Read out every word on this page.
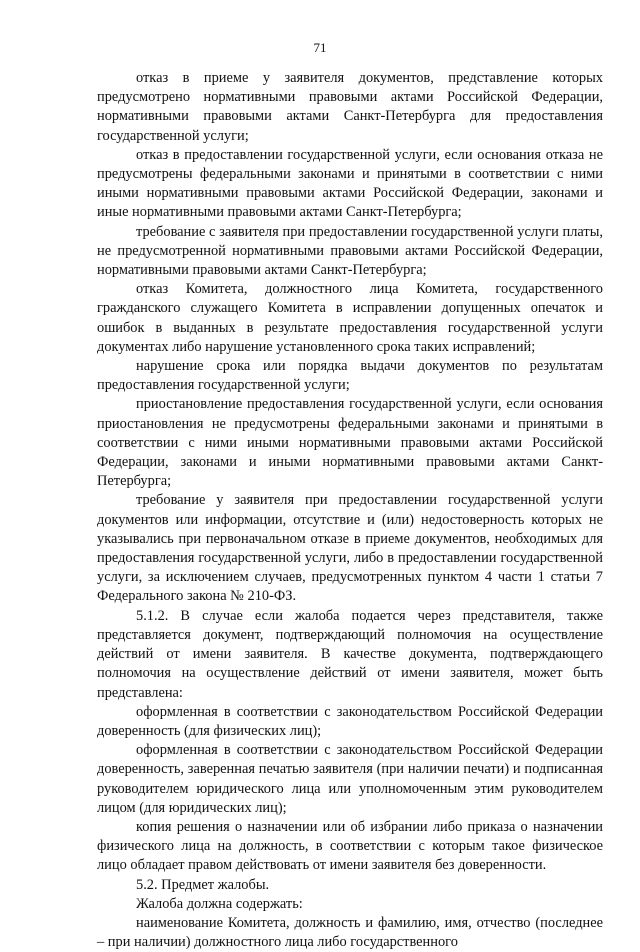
71

отказ в приеме у заявителя документов, представление которых предусмотрено нормативными правовыми актами Российской Федерации, нормативными правовыми актами Санкт-Петербурга для предоставления государственной услуги;

отказ в предоставлении государственной услуги, если основания отказа не предусмотрены федеральными законами и принятыми в соответствии с ними иными нормативными правовыми актами Российской Федерации, законами и иные нормативными правовыми актами Санкт-Петербурга;

требование с заявителя при предоставлении государственной услуги платы, не предусмотренной нормативными правовыми актами Российской Федерации, нормативными правовыми актами Санкт-Петербурга;

отказ Комитета, должностного лица Комитета, государственного гражданского служащего Комитета в исправлении допущенных опечаток и ошибок в выданных в результате предоставления государственной услуги документах либо нарушение установленного срока таких исправлений;

нарушение срока или порядка выдачи документов по результатам предоставления государственной услуги;

приостановление предоставления государственной услуги, если основания приостановления не предусмотрены федеральными законами и принятыми в соответствии с ними иными нормативными правовыми актами Российской Федерации, законами и иными нормативными правовыми актами Санкт-Петербурга;

требование у заявителя при предоставлении государственной услуги документов или информации, отсутствие и (или) недостоверность которых не указывались при первоначальном отказе в приеме документов, необходимых для предоставления государственной услуги, либо в предоставлении государственной услуги, за исключением случаев, предусмотренных пунктом 4 части 1 статьи 7 Федерального закона № 210-ФЗ.

5.1.2. В случае если жалоба подается через представителя, также представляется документ, подтверждающий полномочия на осуществление действий от имени заявителя. В качестве документа, подтверждающего полномочия на осуществление действий от имени заявителя, может быть представлена:

оформленная в соответствии с законодательством Российской Федерации доверенность (для физических лиц);

оформленная в соответствии с законодательством Российской Федерации доверенность, заверенная печатью заявителя (при наличии печати) и подписанная руководителем юридического лица или уполномоченным этим руководителем лицом (для юридических лиц);

копия решения о назначении или об избрании либо приказа о назначении физического лица на должность, в соответствии с которым такое физическое лицо обладает правом действовать от имени заявителя без доверенности.

5.2. Предмет жалобы.

Жалоба должна содержать:

наименование Комитета, должность и фамилию, имя, отчество (последнее – при наличии) должностного лица либо государственного
